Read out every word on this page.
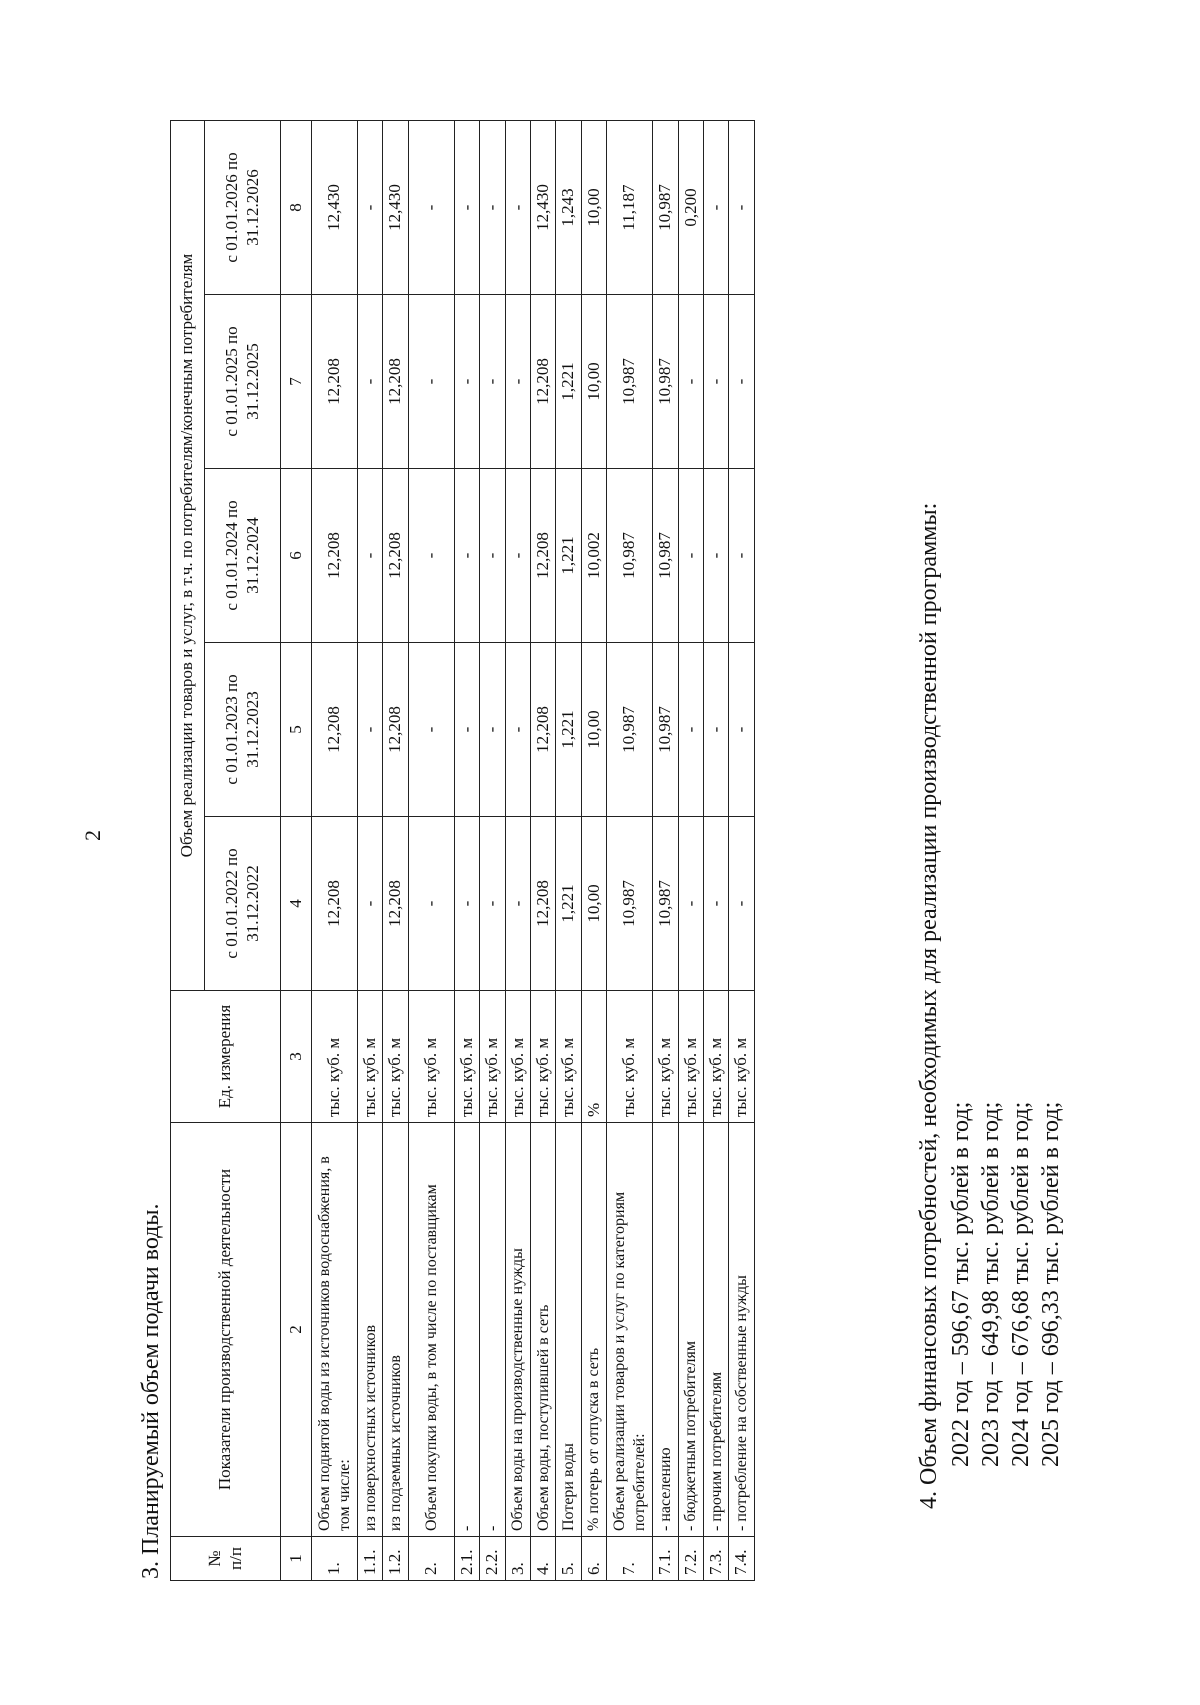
2
3. Планируемый объем подачи воды. № п/п	Показатели производственной деятельности	Ед. измерения	Объем реализации товаров и услуг, в т.ч. по потребителям/конечным потребителям				
			с 01.01.2022 по 31.12.2022	с 01.01.2023 по 31.12.2023	с 01.01.2024 по 31.12.2024	с 01.01.2025 по 31.12.2025	с 01.01.2026 по 31.12.2026
1	2	3	4	5	6	7	8
1.	Объем поднятой воды из источников водоснабжения, в том числе:	тыс. куб. м	12,208	12,208	12,208	12,208	12,430
1.1.	из поверхностных источников	тыс. куб. м	-	-	-	-	-
1.2.	из подземных источников	тыс. куб. м	12,208	12,208	12,208	12,208	12,430
2.	Объем покупки воды, в том числе по поставщикам	тыс. куб. м	-	-	-	-	-
2.1.	-	тыс. куб. м	-	-	-	-	-
2.2.	-	тыс. куб. м	-	-	-	-	-
3.	Объем воды на производственные нужды	тыс. куб. м	-	-	-	-	-
4.	Объем воды, поступившей в сеть	тыс. куб. м	12,208	12,208	12,208	12,208	12,430
5.	Потери воды	тыс. куб. м	1,221	1,221	1,221	1,221	1,243
6.	% потерь от отпуска в сеть	%	10,00	10,00	10,002	10,00	10,00
7.	Объем реализации товаров и услуг по категориям потребителей:	тыс. куб. м	10,987	10,987	10,987	10,987	11,187
7.1.	- населению	тыс. куб. м	10,987	10,987	10,987	10,987	10,987
7.2.	- бюджетным потребителям	тыс. куб. м	-	-	-	-	0,200
7.3.	- прочим потребителям	тыс. куб. м	-	-	-	-	-
7.4.	- потребление на собственные нужды	тыс. куб. м	-	-	-	-	-
4. Объем финансовых потребностей, необходимых для реализации производственной программы: 2022 год – 596,67 тыс. рублей в год; 2023 год – 649,98 тыс. рублей в год; 2024 год – 676,68 тыс. рублей в год; 2025 год – 696,33 тыс. рублей в год;
